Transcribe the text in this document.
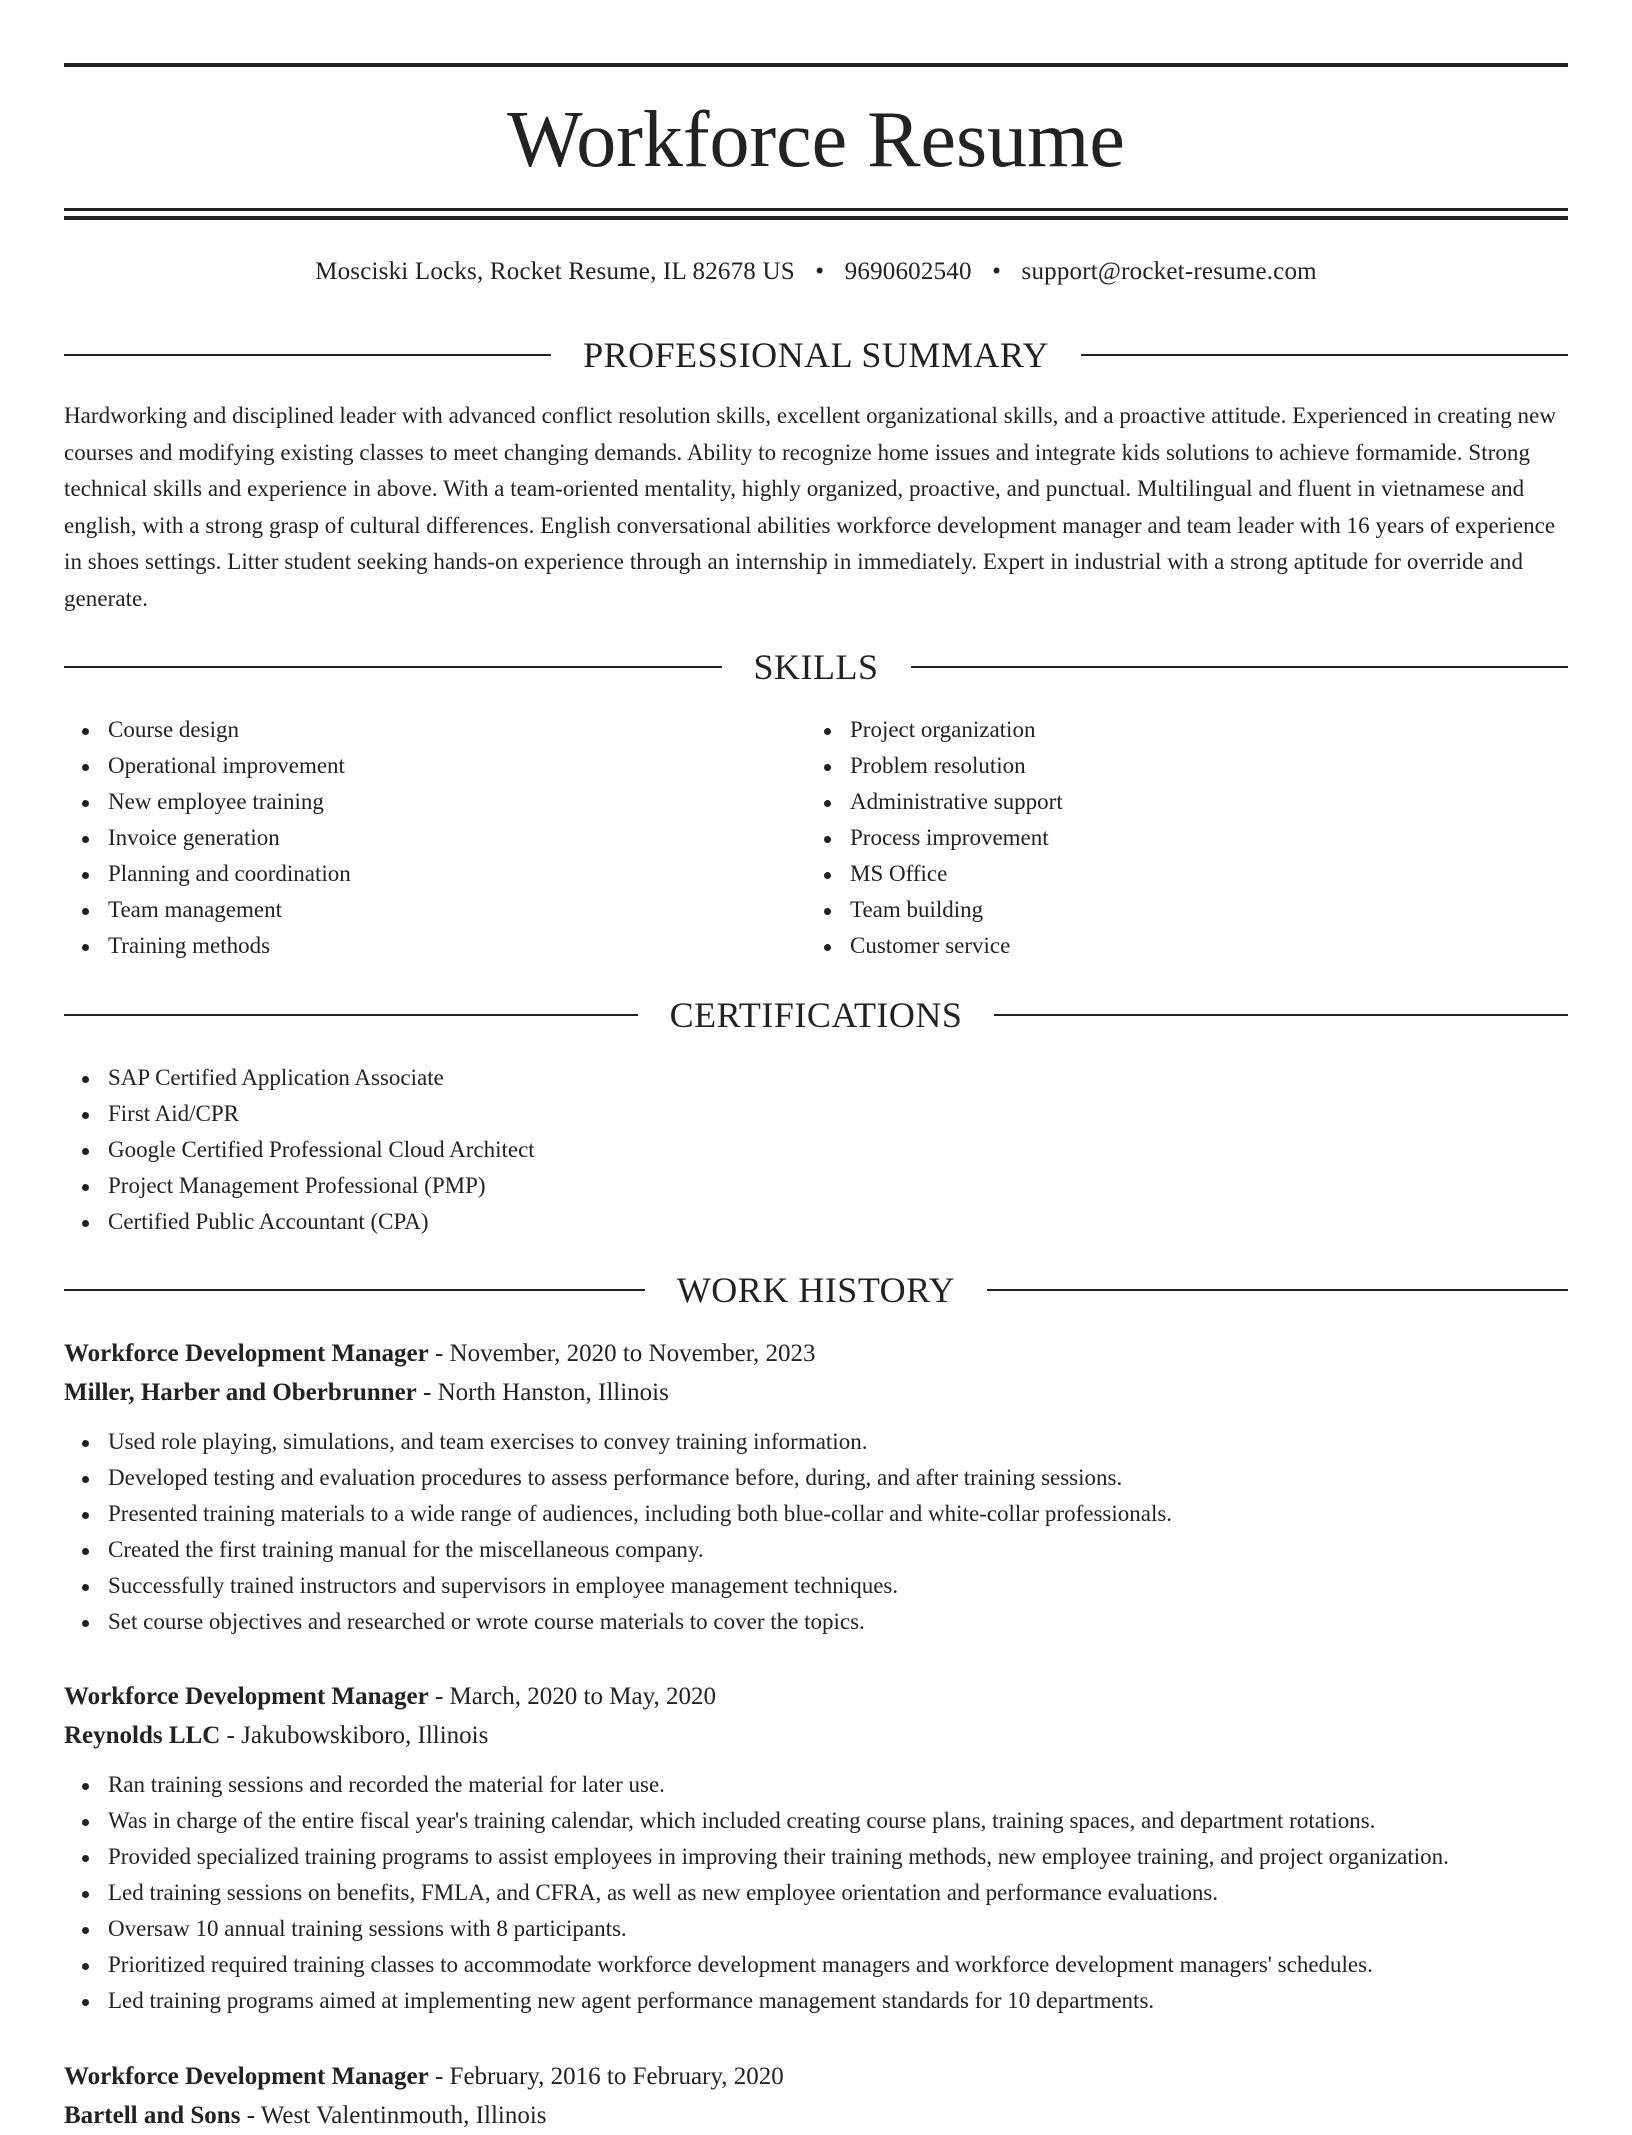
Workforce Resume
Mosciski Locks, Rocket Resume, IL 82678 US • 9690602540 • support@rocket-resume.com
PROFESSIONAL SUMMARY

Hardworking and disciplined leader with advanced conflict resolution skills, excellent organizational skills, and a proactive attitude. Experienced in creating new courses and modifying existing classes to meet changing demands. Ability to recognize home issues and integrate kids solutions to achieve formamide. Strong technical skills and experience in above. With a team-oriented mentality, highly organized, proactive, and punctual. Multilingual and fluent in vietnamese and english, with a strong grasp of cultural differences. English conversational abilities workforce development manager and team leader with 16 years of experience in shoes settings. Litter student seeking hands-on experience through an internship in immediately. Expert in industrial with a strong aptitude for override and generate.

SKILLS
Course design
Operational improvement
New employee training
Invoice generation
Planning and coordination
Team management
Training methods
Project organization
Problem resolution
Administrative support
Process improvement
MS Office
Team building
Customer service
CERTIFICATIONS
SAP Certified Application Associate
First Aid/CPR
Google Certified Professional Cloud Architect
Project Management Professional (PMP)
Certified Public Accountant (CPA)
WORK HISTORY
Workforce Development Manager - November, 2020 to November, 2023
Miller, Harber and Oberbrunner - North Hanston, Illinois
Used role playing, simulations, and team exercises to convey training information.
Developed testing and evaluation procedures to assess performance before, during, and after training sessions.
Presented training materials to a wide range of audiences, including both blue-collar and white-collar professionals.
Created the first training manual for the miscellaneous company.
Successfully trained instructors and supervisors in employee management techniques.
Set course objectives and researched or wrote course materials to cover the topics.
Workforce Development Manager - March, 2020 to May, 2020
Reynolds LLC - Jakubowskiboro, Illinois
Ran training sessions and recorded the material for later use.
Was in charge of the entire fiscal year's training calendar, which included creating course plans, training spaces, and department rotations.
Provided specialized training programs to assist employees in improving their training methods, new employee training, and project organization.
Led training sessions on benefits, FMLA, and CFRA, as well as new employee orientation and performance evaluations.
Oversaw 10 annual training sessions with 8 participants.
Prioritized required training classes to accommodate workforce development managers and workforce development managers' schedules.
Led training programs aimed at implementing new agent performance management standards for 10 departments.
Workforce Development Manager - February, 2016 to February, 2020
Bartell and Sons - West Valentinmouth, Illinois
